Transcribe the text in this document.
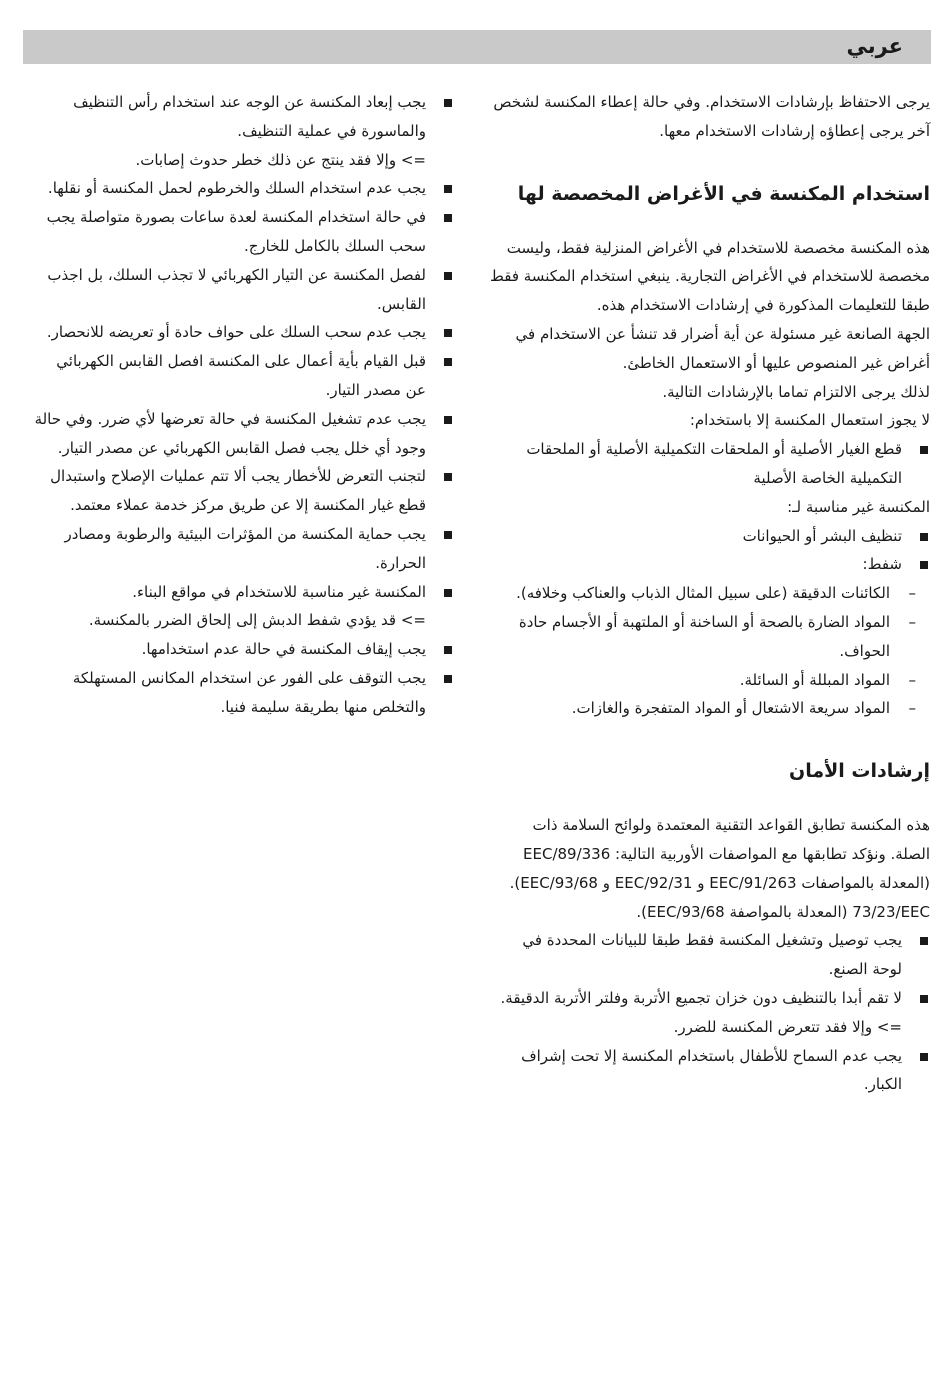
عربي

يرجى الاحتفاظ بإرشادات الاستخدام. وفي حالة إعطاء المكنسة لشخص آخر يرجى إعطاؤه إرشادات الاستخدام معها.

استخدام المكنسة في الأغراض المخصصة لها

هذه المكنسة مخصصة للاستخدام في الأغراض المنزلية فقط، وليست مخصصة للاستخدام في الأغراض التجارية. ينبغي استخدام المكنسة فقط طبقا للتعليمات المذكورة في إرشادات الاستخدام هذه.

الجهة الصانعة غير مسئولة عن أية أضرار قد تنشأ عن الاستخدام في أغراض غير المنصوص عليها أو الاستعمال الخاطئ.

لذلك يرجى الالتزام تماما بالإرشادات التالية.

لا يجوز استعمال المكنسة إلا باستخدام:

قطع الغيار الأصلية أو الملحقات التكميلية الأصلية أو الملحقات التكميلية الخاصة الأصلية

المكنسة غير مناسبة لـ:

تنظيف البشر أو الحيوانات
شفط:
–
الكائنات الدقيقة (على سبيل المثال الذباب والعناكب وخلافه).
–
المواد الضارة بالصحة أو الساخنة أو الملتهبة أو الأجسام حادة الحواف.
–
المواد المبللة أو السائلة.
–
المواد سريعة الاشتعال أو المواد المتفجرة والغازات.

إرشادات الأمان

هذه المكنسة تطابق القواعد التقنية المعتمدة ولوائح السلامة ذات الصلة. ونؤكد تطابقها مع المواصفات الأوربية التالية: 89/336/EEC (المعدلة بالمواصفات 91/263/EEC و 92/31/EEC و 93/68/EEC). 73/23/EEC (المعدلة بالمواصفة 93/68/EEC).

يجب توصيل وتشغيل المكنسة فقط طبقا للبيانات المحددة في لوحة الصنع.
لا تقم أبدا بالتنظيف دون خزان تجميع الأتربة وفلتر الأتربة الدقيقة.

=> وإلا فقد تتعرض المكنسة للضرر.

يجب عدم السماح للأطفال باستخدام المكنسة إلا تحت إشراف الكبار.
يجب إبعاد المكنسة عن الوجه عند استخدام رأس التنظيف والماسورة في عملية التنظيف.

=> وإلا فقد ينتج عن ذلك خطر حدوث إصابات.

يجب عدم استخدام السلك والخرطوم لحمل المكنسة أو نقلها.
في حالة استخدام المكنسة لعدة ساعات بصورة متواصلة يجب سحب السلك بالكامل للخارج.
لفصل المكنسة عن التيار الكهربائي لا تجذب السلك، بل اجذب القابس.
يجب عدم سحب السلك على حواف حادة أو تعريضه للانحصار.
قبل القيام بأية أعمال على المكنسة افصل القابس الكهربائي عن مصدر التيار.
يجب عدم تشغيل المكنسة في حالة تعرضها لأي ضرر. وفي حالة وجود أي خلل يجب فصل القابس الكهربائي عن مصدر التيار.
لتجنب التعرض للأخطار يجب ألا تتم عمليات الإصلاح واستبدال قطع غيار المكنسة إلا عن طريق مركز خدمة عملاء معتمد.
يجب حماية المكنسة من المؤثرات البيئية والرطوبة ومصادر الحرارة.
المكنسة غير مناسبة للاستخدام في مواقع البناء.

=> قد يؤدي شفط الدبش إلى إلحاق الضرر بالمكنسة.

يجب إيقاف المكنسة في حالة عدم استخدامها.
يجب التوقف على الفور عن استخدام المكانس المستهلكة والتخلص منها بطريقة سليمة فنيا.
